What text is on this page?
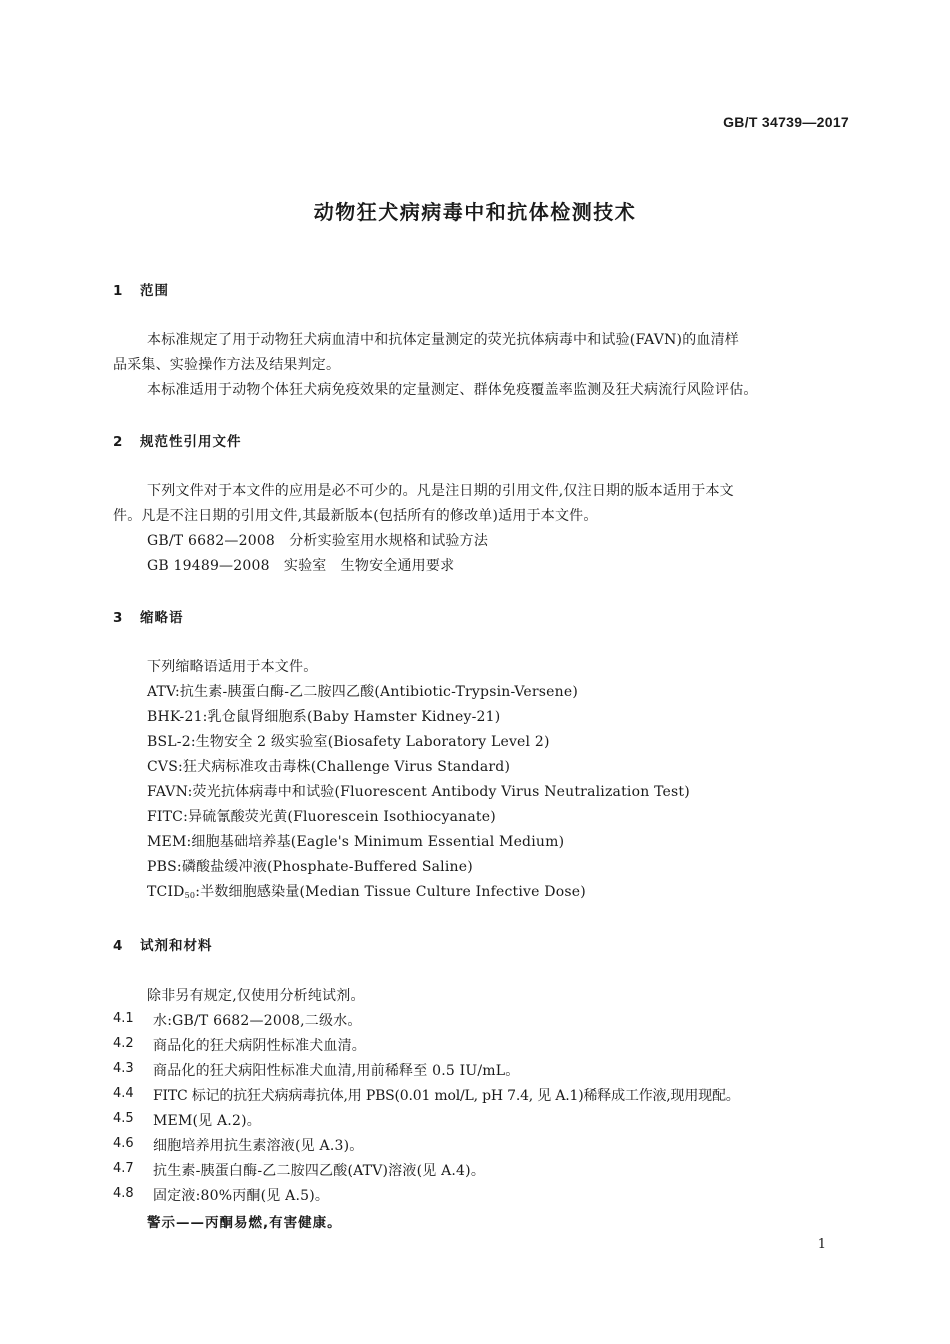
GB/T 34739—2017
动物狂犬病病毒中和抗体检测技术
1 范围
本标准规定了用于动物狂犬病血清中和抗体定量测定的荧光抗体病毒中和试验(FAVN)的血清样
品采集、实验操作方法及结果判定。
本标准适用于动物个体狂犬病免疫效果的定量测定、群体免疫覆盖率监测及狂犬病流行风险评估。
2 规范性引用文件
下列文件对于本文件的应用是必不可少的。凡是注日期的引用文件,仅注日期的版本适用于本文
件。凡是不注日期的引用文件,其最新版本(包括所有的修改单)适用于本文件。
GB/T 6682—2008　分析实验室用水规格和试验方法
GB 19489—2008　实验室　生物安全通用要求
3 缩略语
下列缩略语适用于本文件。
ATV:抗生素-胰蛋白酶-乙二胺四乙酸(Antibiotic-Trypsin-Versene)
BHK-21:乳仓鼠肾细胞系(Baby Hamster Kidney-21)
BSL-2:生物安全 2 级实验室(Biosafety Laboratory Level 2)
CVS:狂犬病标准攻击毒株(Challenge Virus Standard)
FAVN:荧光抗体病毒中和试验(Fluorescent Antibody Virus Neutralization Test)
FITC:异硫氰酸荧光黄(Fluorescein Isothiocyanate)
MEM:细胞基础培养基(Eagle's Minimum Essential Medium)
PBS:磷酸盐缓冲液(Phosphate-Buffered Saline)
$TCID_{50}$:半数细胞感染量(Median Tissue Culture Infective Dose)
4 试剂和材料
除非另有规定,仅使用分析纯试剂。
4.1 水:GB/T 6682—2008,二级水。
4.2 商品化的狂犬病阴性标准犬血清。
4.3 商品化的狂犬病阳性标准犬血清,用前稀释至 0.5 IU/mL。
4.4 FITC 标记的抗狂犬病病毒抗体,用 PBS(0.01 mol/L, pH 7.4, 见 A.1)稀释成工作液,现用现配。
4.5 MEM(见 A.2)。
4.6 细胞培养用抗生素溶液(见 A.3)。
4.7 抗生素-胰蛋白酶-乙二胺四乙酸(ATV)溶液(见 A.4)。
4.8 固定液:80%丙酮(见 A.5)。
警示——丙酮易燃,有害健康。
1
